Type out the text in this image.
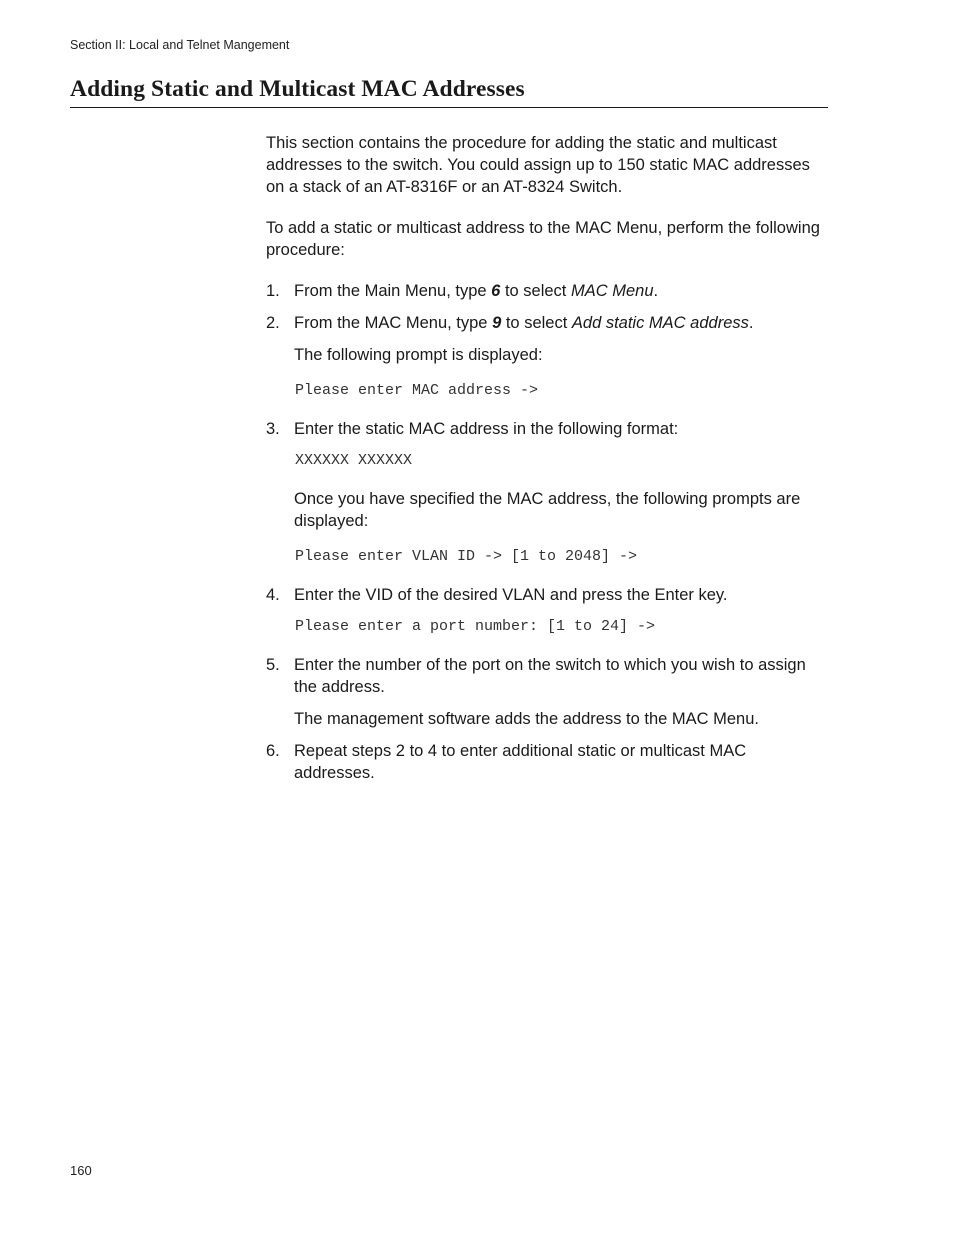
Section II: Local and Telnet Mangement
Adding Static and Multicast MAC Addresses

This section contains the procedure for adding the static and multicast addresses to the switch. You could assign up to 150 static MAC addresses on a stack of an AT-8316F or an AT-8324 Switch.

To add a static or multicast address to the MAC Menu, perform the following procedure:

1. From the Main Menu, type 6 to select MAC Menu.
2. From the MAC Menu, type 9 to select Add static MAC address.

The following prompt is displayed:

Please enter MAC address ->
3. Enter the static MAC address in the following format:
XXXXXX XXXXXX

Once you have specified the MAC address, the following prompts are displayed:

Please enter VLAN ID -> [1 to 2048] ->
4. Enter the VID of the desired VLAN and press the Enter key.
Please enter a port number: [1 to 24] ->
5. Enter the number of the port on the switch to which you wish to assign the address.

The management software adds the address to the MAC Menu.

6. Repeat steps 2 to 4 to enter additional static or multicast MAC addresses.
160
